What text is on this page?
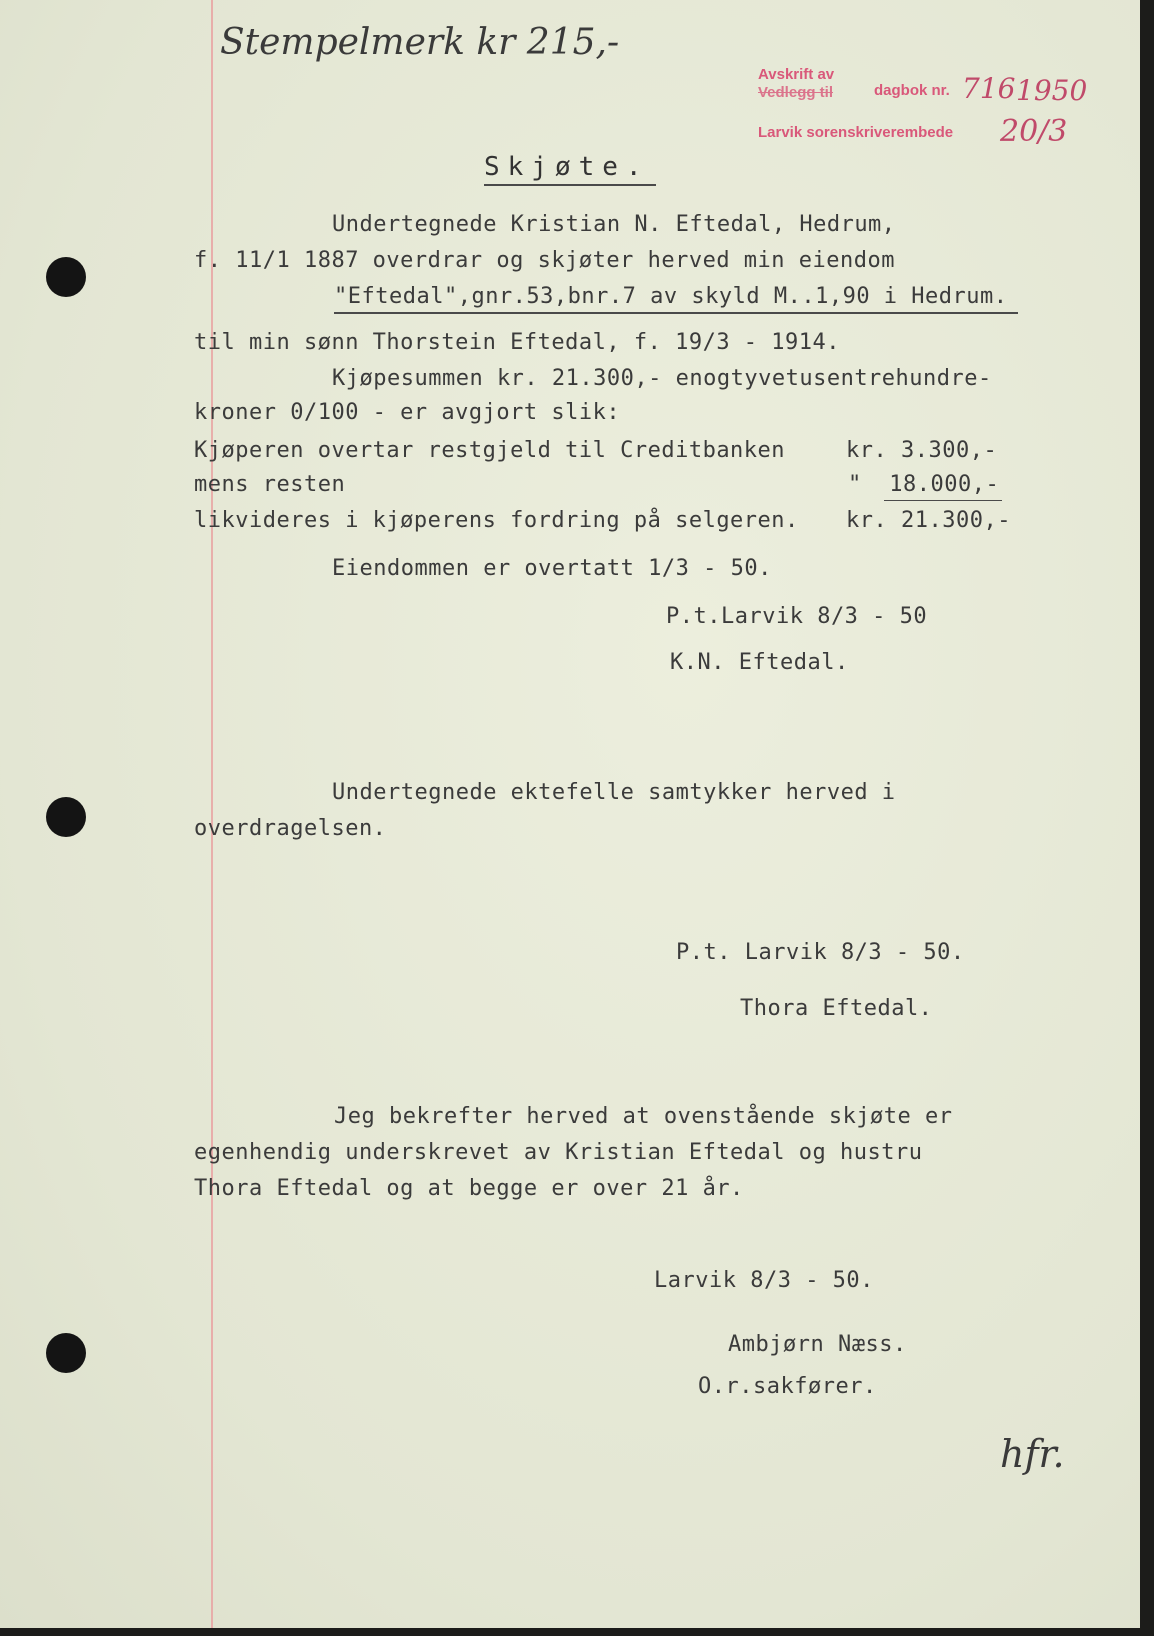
Stempelmerk kr 215,-
Avskrift av
Vedlegg til	dagbok nr. 716 1950
Larvik sorenskriverembede 20/3
Skjøte.
Undertegnede Kristian N. Eftedal, Hedrum,
f. 11/1 1887 overdrar og skjøter herved min eiendom
"Eftedal",gnr.53,bnr.7 av skyld M..1,90 i Hedrum.
til min sønn Thorstein Eftedal, f. 19/3 - 1914.
Kjøpesummen kr. 21.300,- enogtyvetusentrehundre-
kroner 0/100 - er avgjort slik:
Kjøperen overtar restgjeld til Creditbanken	kr. 3.300,-
mens resten	"  18.000,-
likvideres i kjøperens fordring på selgeren. kr. 21.300,-
Eiendommen er overtatt 1/3 - 50.
P.t.Larvik 8/3 - 50
K.N. Eftedal.
Undertegnede ektefelle samtykker herved i
overdragelsen.
P.t. Larvik 8/3 - 50.
Thora Eftedal.
Jeg bekrefter herved at ovenstående skjøte er
egenhendig underskrevet av Kristian Eftedal og hustru
Thora Eftedal og at begge er over 21 år.
Larvik 8/3 - 50.
Ambjørn Næss.
O.r.sakfører.
hfr.
